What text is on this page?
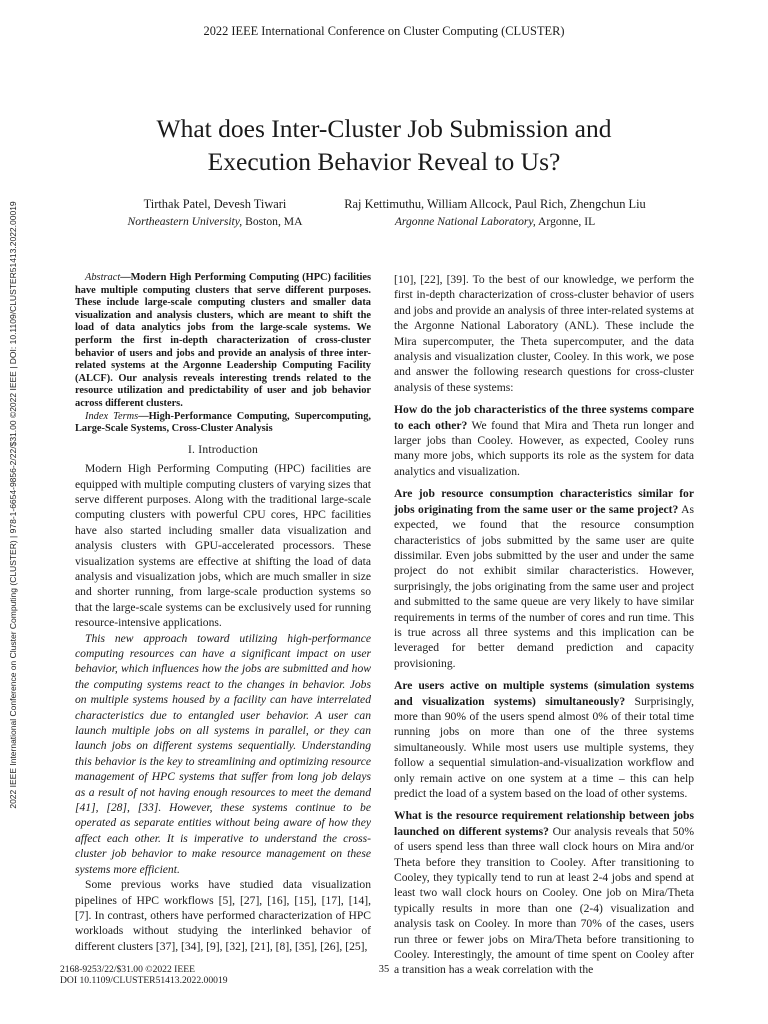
2022 IEEE International Conference on Cluster Computing (CLUSTER)
What does Inter-Cluster Job Submission and
Execution Behavior Reveal to Us?
Tirthak Patel, Devesh Tiwari
Northeastern University, Boston, MA
Raj Kettimuthu, William Allcock, Paul Rich, Zhengchun Liu
Argonne National Laboratory, Argonne, IL
2022 IEEE International Conference on Cluster Computing (CLUSTER) | 978-1-6654-9856-2/22/$31.00 ©2022 IEEE | DOI: 10.1109/CLUSTER51413.2022.00019	Abstract—Modern High Performing Computing (HPC) facilities have multiple computing clusters that serve different purposes. These include large-scale computing clusters and smaller data visualization and analysis clusters, which are meant to shift the load of data analytics jobs from the large-scale systems. We perform the first in-depth characterization of cross-cluster behavior of users and jobs and provide an analysis of three inter-related systems at the Argonne Leadership Computing Facility (ALCF). Our analysis reveals interesting trends related to the resource utilization and predictability of user and job behavior across different clusters.

Index Terms—High-Performance Computing, Supercomputing, Large-Scale Systems, Cross-Cluster Analysis

I. Introduction

Modern High Performing Computing (HPC) facilities are equipped with multiple computing clusters of varying sizes that serve different purposes. Along with the traditional large-scale computing clusters with powerful CPU cores, HPC facilities have also started including smaller data visualization and analysis clusters with GPU-accelerated processors. These visualization systems are effective at shifting the load of data analysis and visualization jobs, which are much smaller in size and shorter running, from large-scale production systems so that the large-scale systems can be exclusively used for running resource-intensive applications.

This new approach toward utilizing high-performance computing resources can have a significant impact on user behavior, which influences how the jobs are submitted and how the computing systems react to the changes in behavior. Jobs on multiple systems housed by a facility can have interrelated characteristics due to entangled user behavior. A user can launch multiple jobs on all systems in parallel, or they can launch jobs on different systems sequentially. Understanding this behavior is the key to streamlining and optimizing resource management of HPC systems that suffer from long job delays as a result of not having enough resources to meet the demand [41], [28], [33]. However, these systems continue to be operated as separate entities without being aware of how they affect each other. It is imperative to understand the cross-cluster job behavior to make resource management on these systems more efficient.

Some previous works have studied data visualization pipelines of HPC workflows [5], [27], [16], [15], [17], [14], [7]. In contrast, others have performed characterization of HPC workloads without studying the interlinked behavior of different clusters [37], [34], [9], [32], [21], [8], [35], [26], [25],

[10], [22], [39]. To the best of our knowledge, we perform the first in-depth characterization of cross-cluster behavior of users and jobs and provide an analysis of three inter-related systems at the Argonne National Laboratory (ANL). These include the Mira supercomputer, the Theta supercomputer, and the data analysis and visualization cluster, Cooley. In this work, we pose and answer the following research questions for cross-cluster analysis of these systems:

How do the job characteristics of the three systems compare to each other? We found that Mira and Theta run longer and larger jobs than Cooley. However, as expected, Cooley runs many more jobs, which supports its role as the system for data analytics and visualization.

Are job resource consumption characteristics similar for jobs originating from the same user or the same project? As expected, we found that the resource consumption characteristics of jobs submitted by the same user are quite dissimilar. Even jobs submitted by the user and under the same project do not exhibit similar characteristics. However, surprisingly, the jobs originating from the same user and project and submitted to the same queue are very likely to have similar requirements in terms of the number of cores and run time. This is true across all three systems and this implication can be leveraged for better demand prediction and capacity provisioning.

Are users active on multiple systems (simulation systems and visualization systems) simultaneously? Surprisingly, more than 90% of the users spend almost 0% of their total time running jobs on more than one of the three systems simultaneously. While most users use multiple systems, they follow a sequential simulation-and-visualization workflow and only remain active on one system at a time – this can help predict the load of a system based on the load of other systems.

What is the resource requirement relationship between jobs launched on different systems? Our analysis reveals that 50% of users spend less than three wall clock hours on Mira and/or Theta before they transition to Cooley. After transitioning to Cooley, they typically tend to run at least 2-4 jobs and spend at least two wall clock hours on Cooley. One job on Mira/Theta typically results in more than one (2-4) visualization and analysis task on Cooley. In more than 70% of the cases, users run three or fewer jobs on Mira/Theta before transitioning to Cooley. Interestingly, the amount of time spent on Cooley after a transition has a weak correlation with the

2168-9253/22/$31.00 ©2022 IEEE
DOI 10.1109/CLUSTER51413.2022.00019
35
